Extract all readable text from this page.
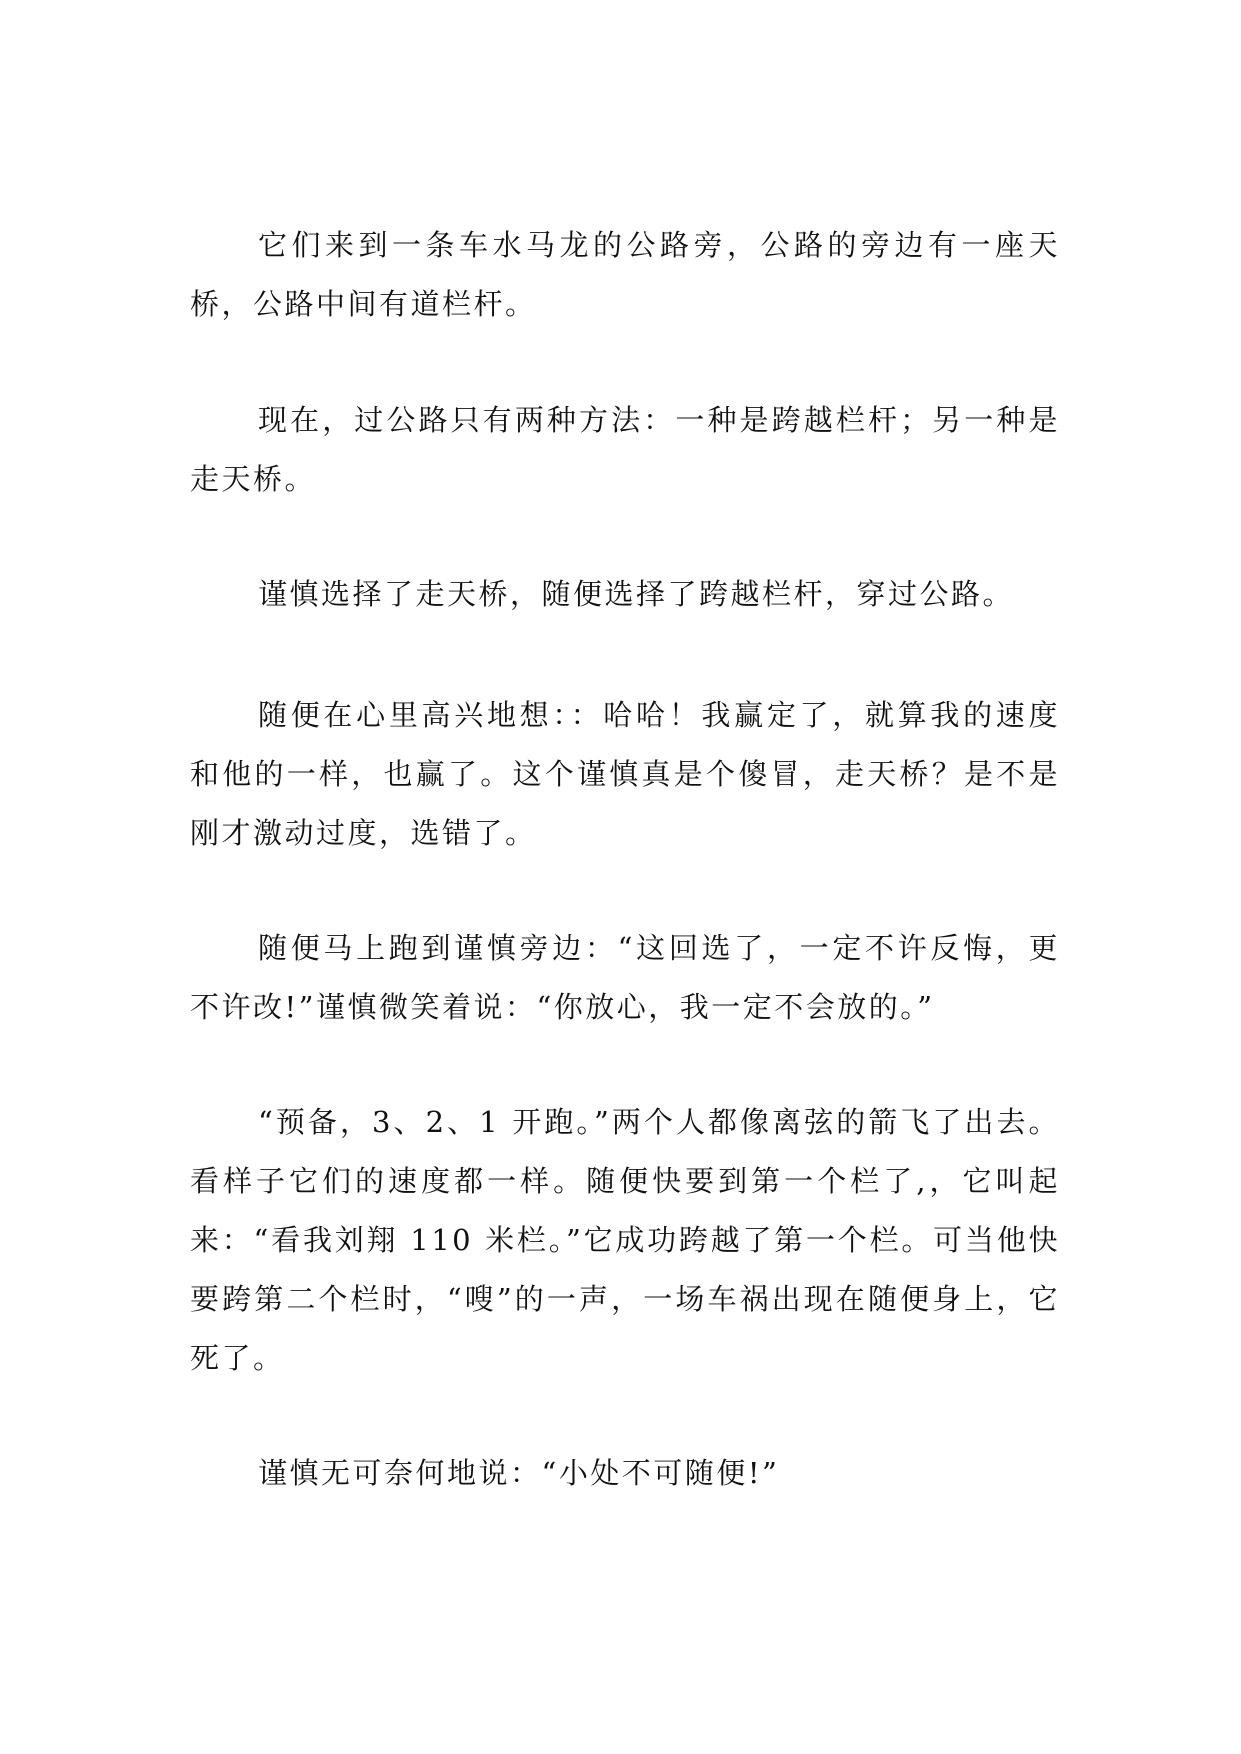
它们来到一条车水马龙的公路旁，公路的旁边有一座天桥，公路中间有道栏杆。

现在，过公路只有两种方法：一种是跨越栏杆；另一种是走天桥。

谨慎选择了走天桥，随便选择了跨越栏杆，穿过公路。

随便在心里高兴地想：：哈哈！我赢定了，就算我的速度和他的一样，也赢了。这个谨慎真是个傻冒，走天桥？是不是刚才激动过度，选错了。

随便马上跑到谨慎旁边：“这回选了，一定不许反悔，更不许改!”谨慎微笑着说：“你放心，我一定不会放的。”

“预备，3、2、1 开跑。”两个人都像离弦的箭飞了出去。看样子它们的速度都一样。随便快要到第一个栏了,，它叫起来：“看我刘翔 110 米栏。”它成功跨越了第一个栏。可当他快要跨第二个栏时，“嗖”的一声，一场车祸出现在随便身上，它死了。

谨慎无可奈何地说：“小处不可随便!”
